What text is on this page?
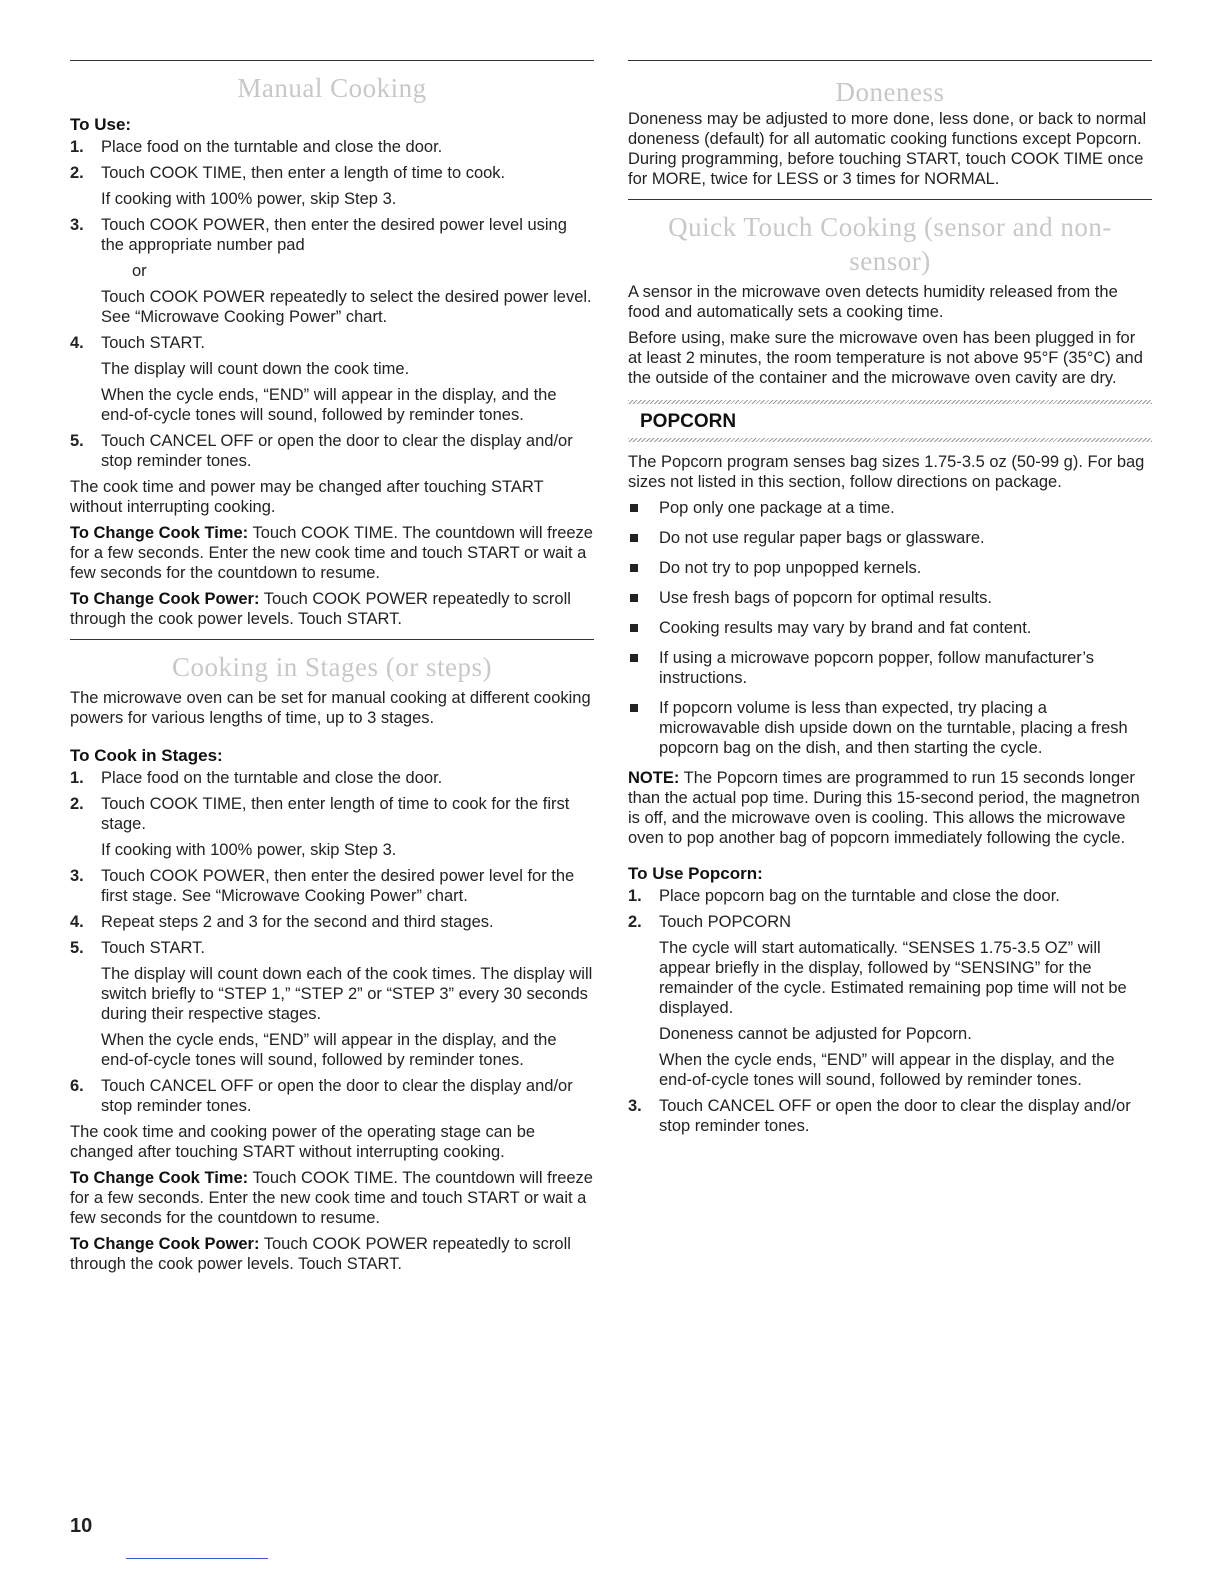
Manual Cooking
To Use:
1. Place food on the turntable and close the door.
2. Touch COOK TIME, then enter a length of time to cook.
If cooking with 100% power, skip Step 3.
3. Touch COOK POWER, then enter the desired power level using the appropriate number pad
or
Touch COOK POWER repeatedly to select the desired power level. See “Microwave Cooking Power” chart.
4. Touch START.
The display will count down the cook time.
When the cycle ends, “END” will appear in the display, and the end-of-cycle tones will sound, followed by reminder tones.
5. Touch CANCEL OFF or open the door to clear the display and/or stop reminder tones.

The cook time and power may be changed after touching START without interrupting cooking.

To Change Cook Time: Touch COOK TIME. The countdown will freeze for a few seconds. Enter the new cook time and touch START or wait a few seconds for the countdown to resume.

To Change Cook Power: Touch COOK POWER repeatedly to scroll through the cook power levels. Touch START.

Cooking in Stages (or steps)

The microwave oven can be set for manual cooking at different cooking powers for various lengths of time, up to 3 stages.

To Cook in Stages:
1. Place food on the turntable and close the door.
2. Touch COOK TIME, then enter length of time to cook for the first stage.
If cooking with 100% power, skip Step 3.
3. Touch COOK POWER, then enter the desired power level for the first stage. See “Microwave Cooking Power” chart.
4. Repeat steps 2 and 3 for the second and third stages.
5. Touch START.
The display will count down each of the cook times. The display will switch briefly to “STEP 1,” “STEP 2” or “STEP 3” every 30 seconds during their respective stages.
When the cycle ends, “END” will appear in the display, and the end-of-cycle tones will sound, followed by reminder tones.
6. Touch CANCEL OFF or open the door to clear the display and/or stop reminder tones.

The cook time and cooking power of the operating stage can be changed after touching START without interrupting cooking.

To Change Cook Time: Touch COOK TIME. The countdown will freeze for a few seconds. Enter the new cook time and touch START or wait a few seconds for the countdown to resume.

To Change Cook Power: Touch COOK POWER repeatedly to scroll through the cook power levels. Touch START.

Doneness

Doneness may be adjusted to more done, less done, or back to normal doneness (default) for all automatic cooking functions except Popcorn. During programming, before touching START, touch COOK TIME once for MORE, twice for LESS or 3 times for NORMAL.

Quick Touch Cooking (sensor and non-sensor)

A sensor in the microwave oven detects humidity released from the food and automatically sets a cooking time.

Before using, make sure the microwave oven has been plugged in for at least 2 minutes, the room temperature is not above 95°F (35°C) and the outside of the container and the microwave oven cavity are dry.

POPCORN

The Popcorn program senses bag sizes 1.75-3.5 oz (50-99 g). For bag sizes not listed in this section, follow directions on package.

Pop only one package at a time.
Do not use regular paper bags or glassware.
Do not try to pop unpopped kernels.
Use fresh bags of popcorn for optimal results.
Cooking results may vary by brand and fat content.
If using a microwave popcorn popper, follow manufacturer’s instructions.
If popcorn volume is less than expected, try placing a microwavable dish upside down on the turntable, placing a fresh popcorn bag on the dish, and then starting the cycle.

NOTE: The Popcorn times are programmed to run 15 seconds longer than the actual pop time. During this 15-second period, the magnetron is off, and the microwave oven is cooling. This allows the microwave oven to pop another bag of popcorn immediately following the cycle.

To Use Popcorn:
1. Place popcorn bag on the turntable and close the door.
2. Touch POPCORN
The cycle will start automatically. “SENSES 1.75-3.5 OZ” will appear briefly in the display, followed by “SENSING” for the remainder of the cycle. Estimated remaining pop time will not be displayed.
Doneness cannot be adjusted for Popcorn.
When the cycle ends, “END” will appear in the display, and the end-of-cycle tones will sound, followed by reminder tones.
3. Touch CANCEL OFF or open the door to clear the display and/or stop reminder tones.
10
